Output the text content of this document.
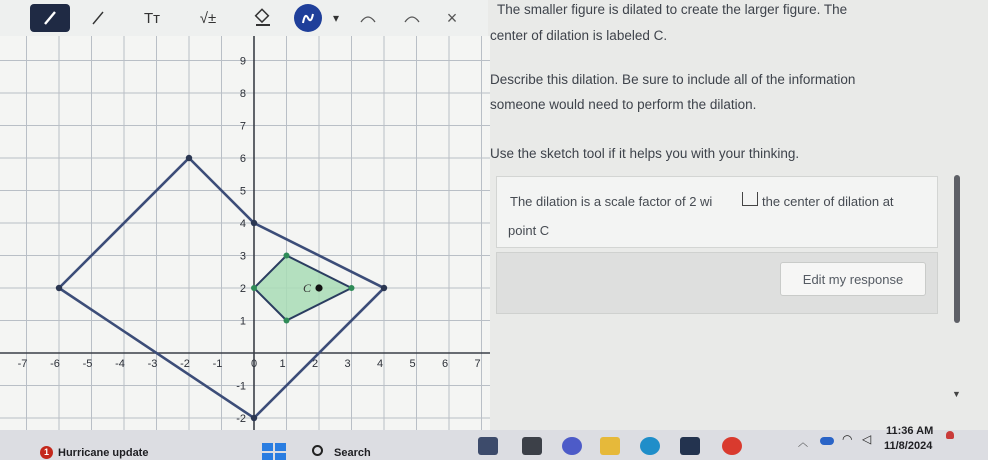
Tт	√±	▾	×
-7 -6 -5 -4 -3 -2 -1	0 1 2 3 4 5 6 7
9
8
7
6
5
4
3
2
1
-1
-2
C
The smaller figure is dilated to create the larger figure. The
center of dilation is labeled C.
Describe this dilation. Be sure to include all of the information
someone would need to perform the dilation.
Use the sketch tool if it helps you with your thinking.
The dilation is a scale factor of 2 wi	the center of dilation at
point C
Edit my response
▼
1 Hurricane update	Search
︿	◠ ◁
11:36 AM
11/8/2024
